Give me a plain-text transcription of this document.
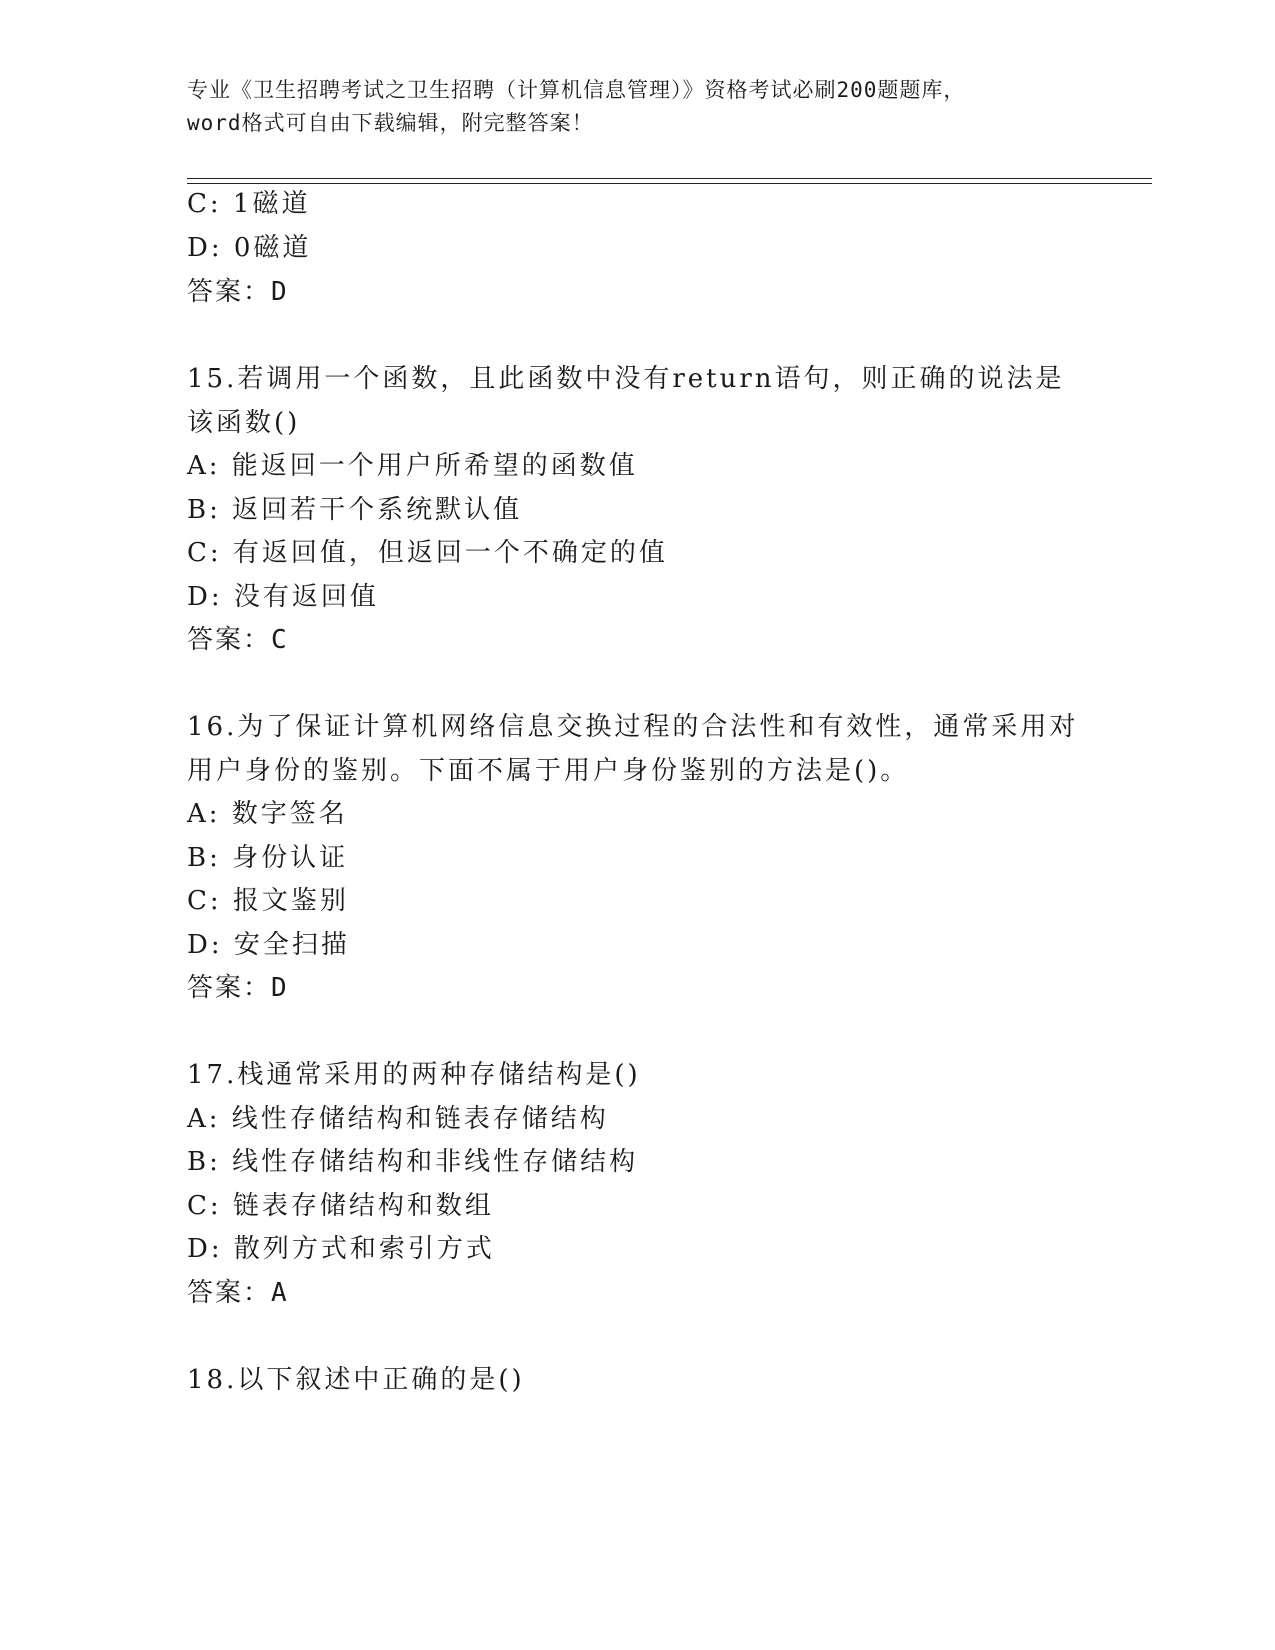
专业《卫生招聘考试之卫生招聘（计算机信息管理）》资格考试必刷200题题库，
word格式可自由下载编辑，附完整答案！
C: 1磁道
D: 0磁道
答案：D
15.若调用一个函数，且此函数中没有return语句，则正确的说法是
该函数()
A: 能返回一个用户所希望的函数值
B: 返回若干个系统默认值
C: 有返回值，但返回一个不确定的值
D: 没有返回值
答案：C
16.为了保证计算机网络信息交换过程的合法性和有效性，通常采用对
用户身份的鉴别。下面不属于用户身份鉴别的方法是()。
A: 数字签名
B: 身份认证
C: 报文鉴别
D: 安全扫描
答案：D
17.栈通常采用的两种存储结构是()
A: 线性存储结构和链表存储结构
B: 线性存储结构和非线性存储结构
C: 链表存储结构和数组
D: 散列方式和索引方式
答案：A
18.以下叙述中正确的是()
